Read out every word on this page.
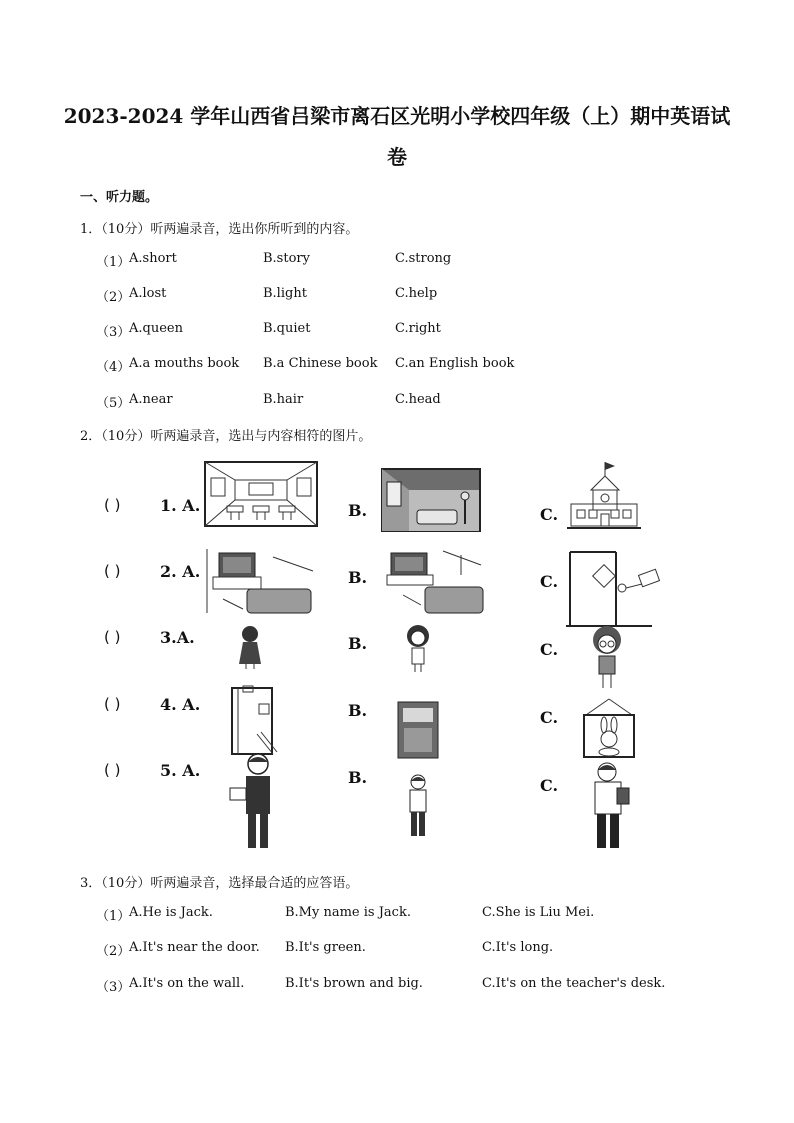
2023-2024 学年山西省吕梁市离石区光明小学校四年级（上）期中英语试
卷
一、听力题。
1．（10分）听两遍录音，选出你所听到的内容。
（1）
A.short	B.story	C.strong
（2）
A.lost	B.light	C.help
（3）
A.queen	B.quiet	C.right
（4）
A.a mouths book B.a Chinese book C.an English book
（5）
A.near	B.hair	C.head
2．（10分）听两遍录音，选出与内容相符的图片。
( ) 1. A.	B.	C.
( ) 2. A.	B.	C.
( ) 3.A.	B.	C.
( ) 4. A.	B.	C.
( ) 5. A.	B.	C.
3．（10分）听两遍录音，选择最合适的应答语。
（1）
A.He is Jack.	B.My name is Jack.	C.She is Liu Mei.
（2）
A.It's near the door. B.It's green.	C.It's long.
（3）
A.It's on the wall.	B.It's brown and big.	C.It's on the teacher's desk.
